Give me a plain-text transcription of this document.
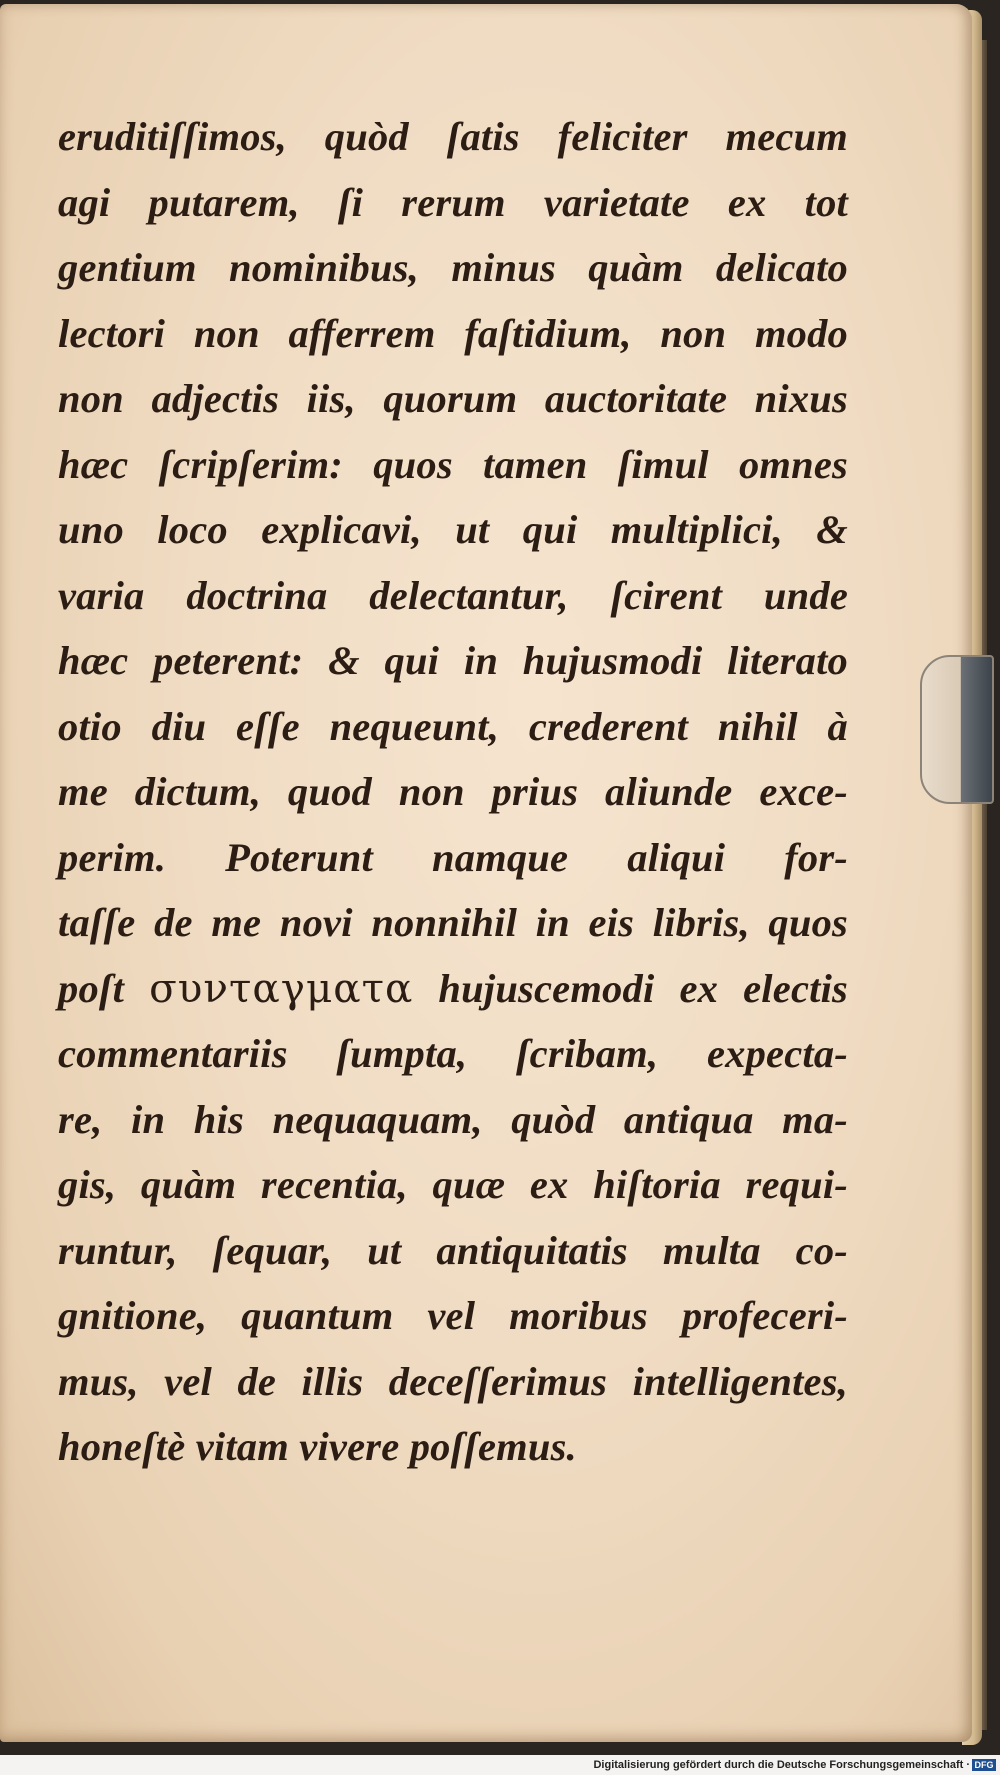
eruditiſſimos, quòd ſatis feliciter mecum
agi putarem, ſi rerum varietate ex tot
gentium nominibus, minus quàm delicato
lectori non afferrem faſtidium, non modo
non adjectis iis, quorum auctoritate nixus
hæc ſcripſerim: quos tamen ſimul omnes
uno loco explicavi, ut qui multiplici, &
varia doctrina delectantur, ſcirent unde
hæc peterent: & qui in hujusmodi literato
otio diu eſſe nequeunt, crederent nihil à
me dictum, quod non prius aliunde exce-
perim. Poterunt namque aliqui for-
taſſe de me novi nonnihil in eis libris, quos
poſt συνταγματα hujuscemodi ex electis
commentariis ſumpta, ſcribam, expecta-
re, in his nequaquam, quòd antiqua ma-
gis, quàm recentia, quæ ex hiſtoria requi-
runtur, ſequar, ut antiquitatis multa co-
gnitione, quantum vel moribus profeceri-
mus, vel de illis deceſſerimus intelligentes,
honeſtè vitam vivere poſſemus.
Digitalisierung gefördert durch die Deutsche Forschungsgemeinschaft · DFG
